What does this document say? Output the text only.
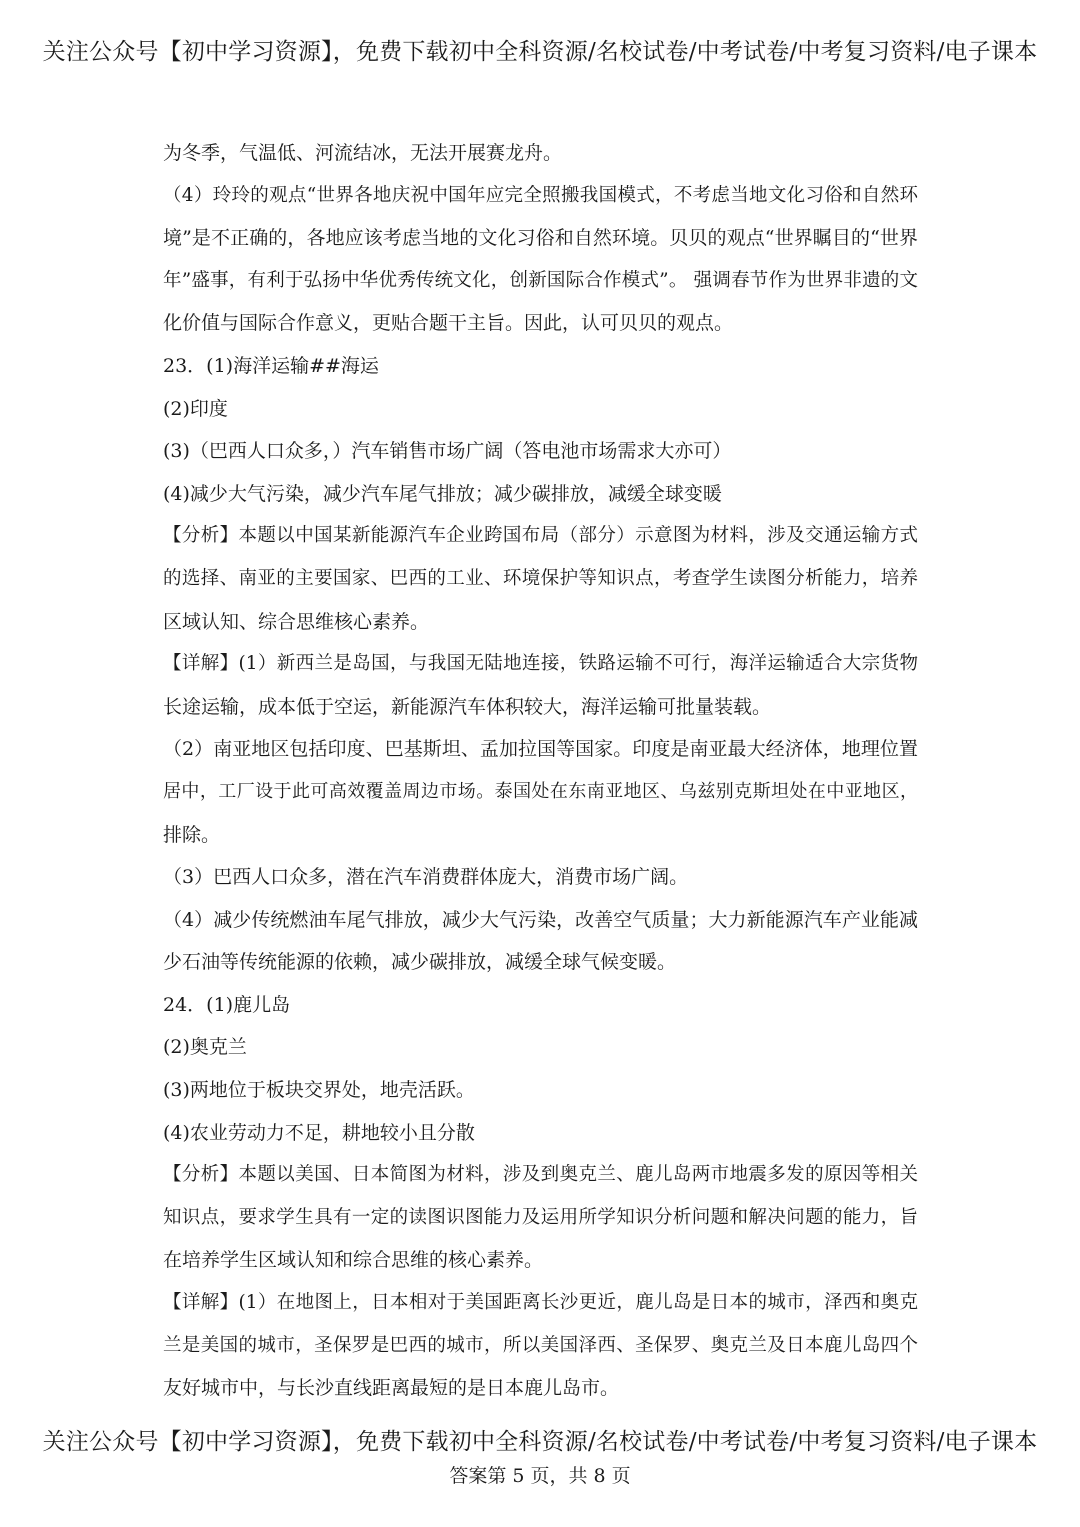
关注公众号【初中学习资源】，免费下载初中全科资源/名校试卷/中考试卷/中考复习资料/电子课本
为冬季，气温低、河流结冰，无法开展赛龙舟。
（4）玲玲的观点“世界各地庆祝中国年应完全照搬我国模式，不考虑当地文化习俗和自然环
境”是不正确的，各地应该考虑当地的文化习俗和自然环境。贝贝的观点“世界瞩目的“世界
年”盛事，有利于弘扬中华优秀传统文化，创新国际合作模式”。 强调春节作为世界非遗的文
化价值与国际合作意义，更贴合题干主旨。因此，认可贝贝的观点。
23．(1)海洋运输##海运
(2)印度
(3)（巴西人口众多，）汽车销售市场广阔（答电池市场需求大亦可）
(4)减少大气污染，减少汽车尾气排放；减少碳排放，减缓全球变暖
【分析】本题以中国某新能源汽车企业跨国布局（部分）示意图为材料，涉及交通运输方式
的选择、南亚的主要国家、巴西的工业、环境保护等知识点，考查学生读图分析能力，培养
区域认知、综合思维核心素养。
【详解】(1）新西兰是岛国，与我国无陆地连接，铁路运输不可行，海洋运输适合大宗货物
长途运输，成本低于空运，新能源汽车体积较大，海洋运输可批量装载。
（2）南亚地区包括印度、巴基斯坦、孟加拉国等国家。印度是南亚最大经济体，地理位置
居中，工厂设于此可高效覆盖周边市场。泰国处在东南亚地区、乌兹别克斯坦处在中亚地区，
排除。
（3）巴西人口众多，潜在汽车消费群体庞大，消费市场广阔。
（4）减少传统燃油车尾气排放，减少大气污染，改善空气质量；大力新能源汽车产业能减
少石油等传统能源的依赖，减少碳排放，减缓全球气候变暖。
24．(1)鹿儿岛
(2)奥克兰
(3)两地位于板块交界处，地壳活跃。
(4)农业劳动力不足，耕地较小且分散
【分析】本题以美国、日本简图为材料，涉及到奥克兰、鹿儿岛两市地震多发的原因等相关
知识点，要求学生具有一定的读图识图能力及运用所学知识分析问题和解决问题的能力，旨
在培养学生区域认知和综合思维的核心素养。
【详解】(1）在地图上，日本相对于美国距离长沙更近，鹿儿岛是日本的城市，泽西和奥克
兰是美国的城市，圣保罗是巴西的城市，所以美国泽西、圣保罗、奥克兰及日本鹿儿岛四个
友好城市中，与长沙直线距离最短的是日本鹿儿岛市。
关注公众号【初中学习资源】，免费下载初中全科资源/名校试卷/中考试卷/中考复习资料/电子课本
答案第 5 页，共 8 页
